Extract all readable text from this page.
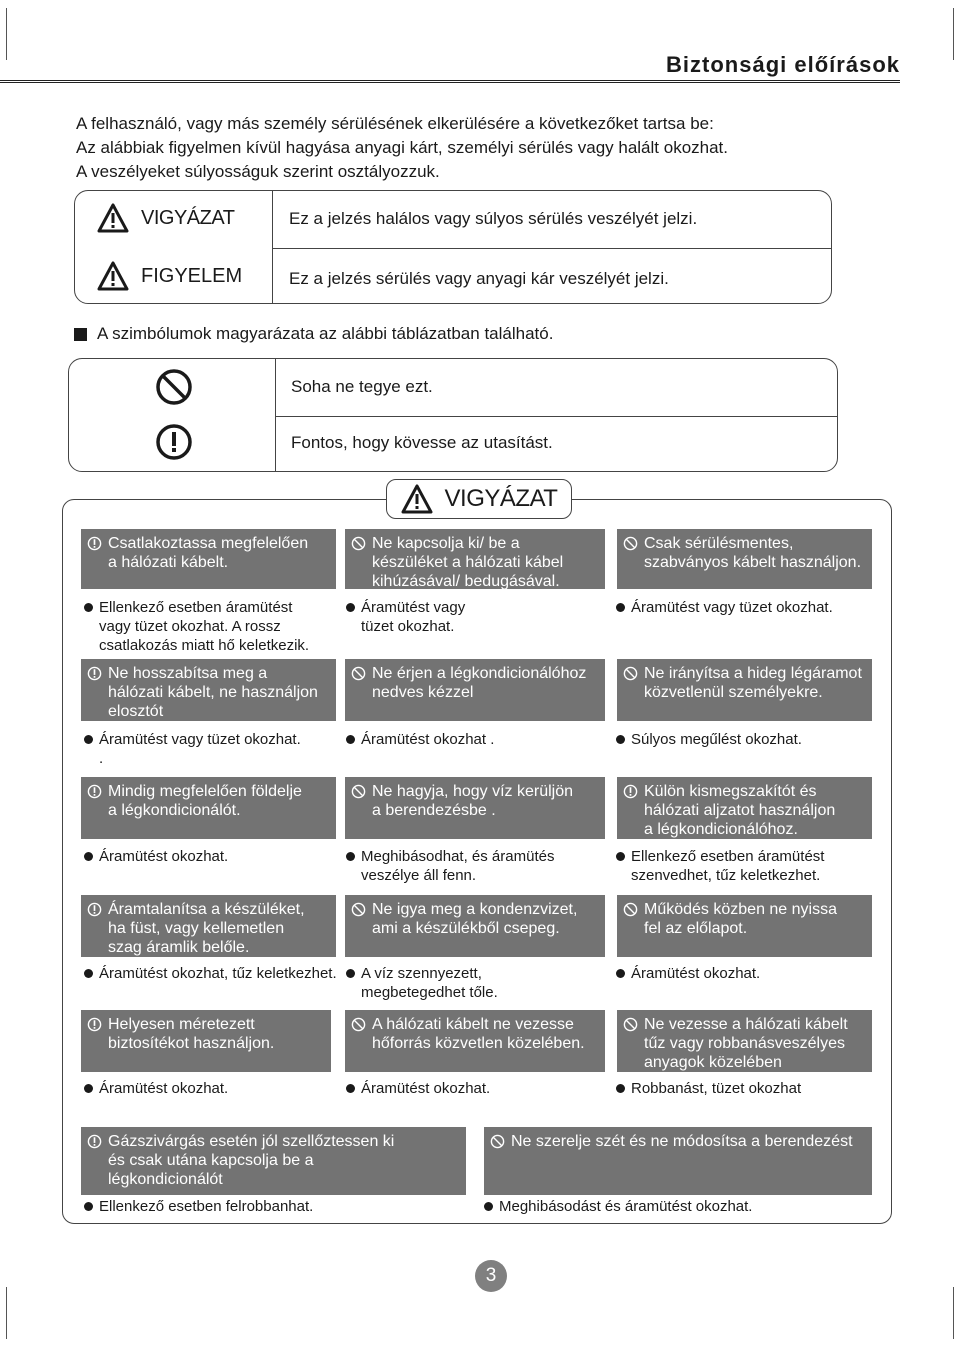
Biztonsági előírások
A felhasználó, vagy más személy sérülésének elkerülésére a következőket tartsa be:
Az alábbiak figyelmen kívül hagyása anyagi kárt, személyi sérülés vagy halált okozhat.
A veszélyeket súlyosságuk szerint osztályozzuk.
VIGYÁZAT	Ez a jelzés halálos vagy súlyos sérülés veszélyét jelzi.
FIGYELEM	Ez a jelzés sérülés vagy anyagi kár veszélyét jelzi.
A szimbólumok magyarázata az alábbi táblázatban található.
Soha ne tegye ezt.
Fontos, hogy kövesse az utasítást.
VIGYÁZAT
Csatlakoztassa megfelelően
a hálózati kábelt.
Ellenkező esetben áramütést
vagy tüzet okozhat. A rossz
csatlakozás miatt hő keletkezik.
Ne kapcsolja ki/ be a
készüléket a hálózati kábel
kihúzásával/ bedugásával.
Áramütést vagy
tüzet okozhat.
Csak sérülésmentes,
szabványos kábelt használjon.
Áramütést vagy tüzet okozhat.
Ne hosszabítsa meg a
hálózati kábelt, ne használjon
elosztót
Áramütést vagy tüzet okozhat.
.
Ne érjen a légkondicionálóhoz
nedves kézzel
Áramütést okozhat .
Ne irányítsa a hideg légáramot
közvetlenül személyekre.
Súlyos megűlést okozhat.
Mindig megfelelően földelje
a légkondicionálót.
Áramütést okozhat.
Ne hagyja, hogy víz kerüljön
a berendezésbe .
Meghibásodhat, és áramütés
veszélye áll fenn.
Külön kismegszakítót és
hálózati aljzatot használjon
a légkondicionálóhoz.
Ellenkező esetben áramütést
szenvedhet, tűz keletkezhet.
Áramtalanítsa a készüléket,
ha füst, vagy kellemetlen
szag áramlik belőle.
Áramütést okozhat, tűz keletkezhet.
Ne igya meg a kondenzvizet,
ami a készülékből csepeg.
A víz szennyezett,
megbetegedhet tőle.
Működés közben ne nyissa
fel az előlapot.
Áramütést okozhat.
Helyesen méretezett
biztosítékot használjon.
Áramütést okozhat.
A hálózati kábelt ne vezesse
hőforrás közvetlen közelében.
Áramütést okozhat.
Ne vezesse a hálózati kábelt
tűz vagy robbanásveszélyes
anyagok közelében
Robbanást, tüzet okozhat
Gázszivárgás esetén jól szellőztessen ki
és csak utána kapcsolja be a
légkondicionálót
Ellenkező esetben felrobbanhat.
Ne szerelje szét és ne módosítsa a berendezést
Meghibásodást és áramütést okozhat.
3
